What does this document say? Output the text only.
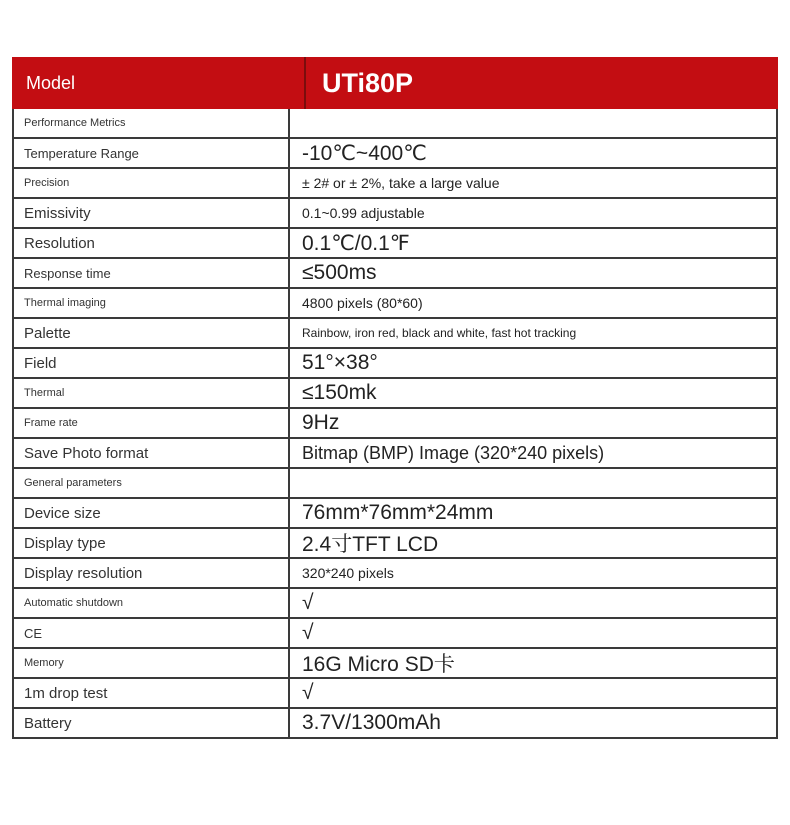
Model	UTi80P
Performance Metrics
Temperature Range	-10℃~400℃
Precision	± 2# or ± 2%, take a large value
Emissivity	0.1~0.99 adjustable
Resolution	0.1℃/0.1℉
Response time	≤500ms
Thermal imaging	4800 pixels (80*60)
Palette	Rainbow, iron red, black and white, fast hot tracking
Field	51°×38°
Thermal	≤150mk
Frame rate	9Hz
Save Photo format	Bitmap (BMP) Image (320*240 pixels)
General parameters
Device size	76mm*76mm*24mm
Display type	2.4寸TFT LCD
Display resolution	320*240 pixels
Automatic shutdown	√
CE	√
Memory	16G Micro SD卡
1m drop test	√
Battery	3.7V/1300mAh
